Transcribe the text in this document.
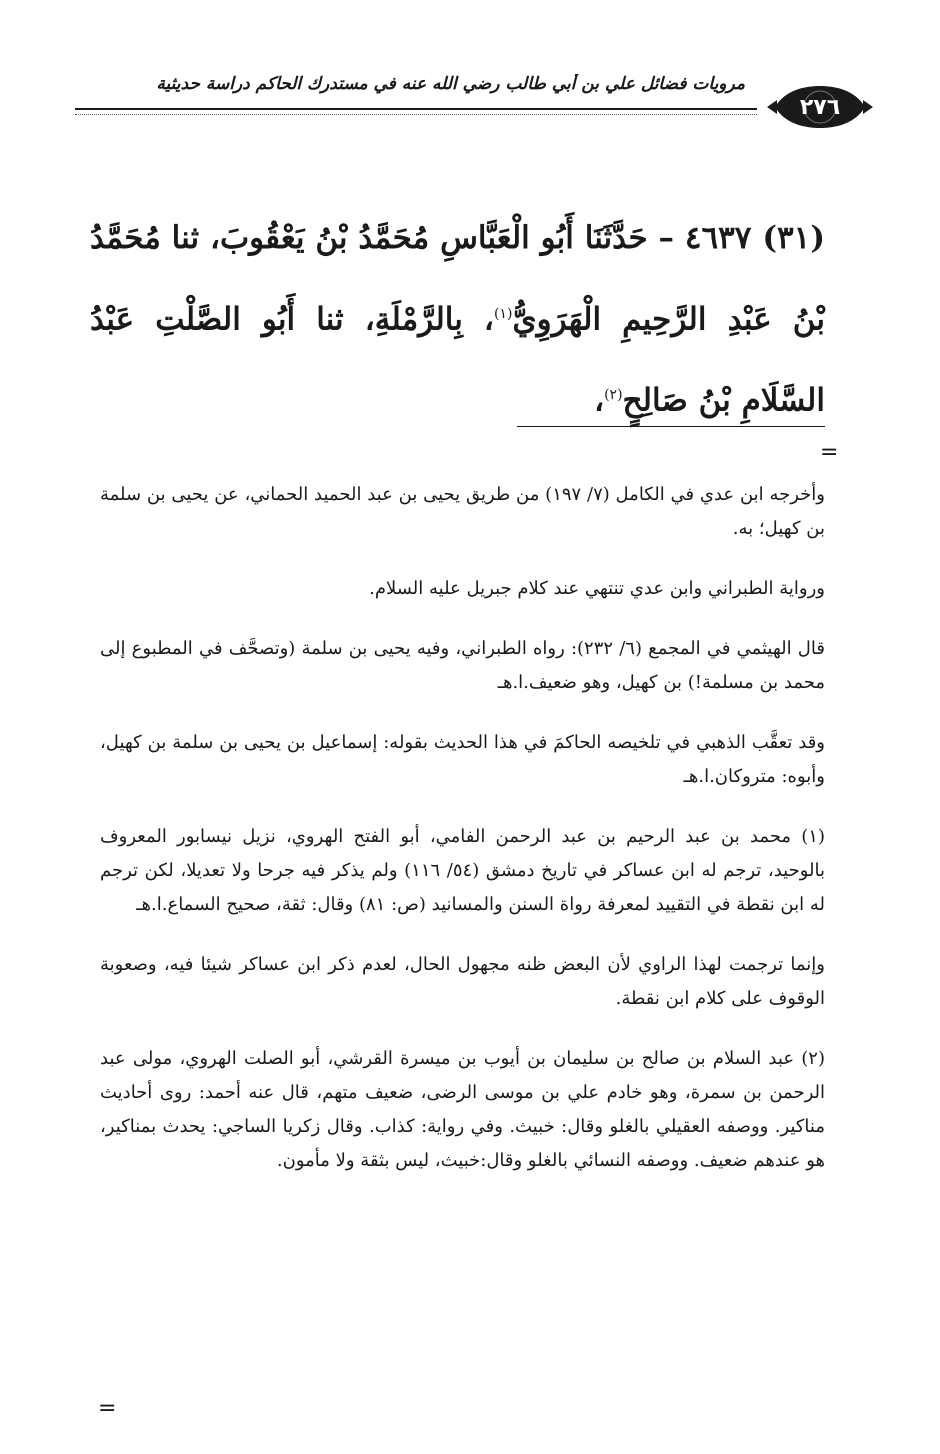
مرويات فضائل علي بن أبي طالب رضي الله عنه في مستدرك الحاكم دراسة حديثية
٢٧٦
(٣١) ٤٦٣٧ – حَدَّثَنَا أَبُو الْعَبَّاسِ مُحَمَّدُ بْنُ يَعْقُوبَ، ثنا مُحَمَّدُ بْنُ عَبْدِ الرَّحِيمِ الْهَرَوِيُّ$^{(١)}$، بِالرَّمْلَةِ، ثنا أَبُو الصَّلْتِ عَبْدُ السَّلَامِ بْنُ صَالِحٍ$^{(٢)}$،
=

وأخرجه ابن عدي في الكامل (٧/ ١٩٧) من طريق يحيى بن عبد الحميد الحماني، عن يحيى بن سلمة بن كهيل؛ به.

ورواية الطبراني وابن عدي تنتهي عند كلام جبريل عليه السلام.

قال الهيثمي في المجمع (٦/ ٢٣٢): رواه الطبراني، وفيه يحيى بن سلمة (وتصحَّف في المطبوع إلى محمد بن مسلمة!) بن كهيل، وهو ضعيف.ا.هـ

وقد تعقَّب الذهبي في تلخيصه الحاكمَ في هذا الحديث بقوله: إسماعيل بن يحيى بن سلمة بن كهيل، وأبوه: متروكان.ا.هـ

(١) محمد بن عبد الرحيم بن عبد الرحمن الفامي، أبو الفتح الهروي، نزيل نيسابور المعروف بالوحيد، ترجم له ابن عساكر في تاريخ دمشق (٥٤/ ١١٦) ولم يذكر فيه جرحا ولا تعديلا، لكن ترجم له ابن نقطة في التقييد لمعرفة رواة السنن والمسانيد (ص: ٨١) وقال: ثقة، صحيح السماع.ا.هـ

وإنما ترجمت لهذا الراوي لأن البعض ظنه مجهول الحال، لعدم ذكر ابن عساكر شيئا فيه، وصعوبة الوقوف على كلام ابن نقطة.

(٢) عبد السلام بن صالح بن سليمان بن أيوب بن ميسرة القرشي، أبو الصلت الهروي، مولى عبد الرحمن بن سمرة، وهو خادم علي بن موسى الرضى، ضعيف متهم، قال عنه أحمد: روى أحاديث مناكير. ووصفه العقيلي بالغلو وقال: خبيث. وفي رواية: كذاب. وقال زكريا الساجي: يحدث بمناكير، هو عندهم ضعيف. ووصفه النسائي بالغلو وقال:خبيث، ليس بثقة ولا مأمون.

=
